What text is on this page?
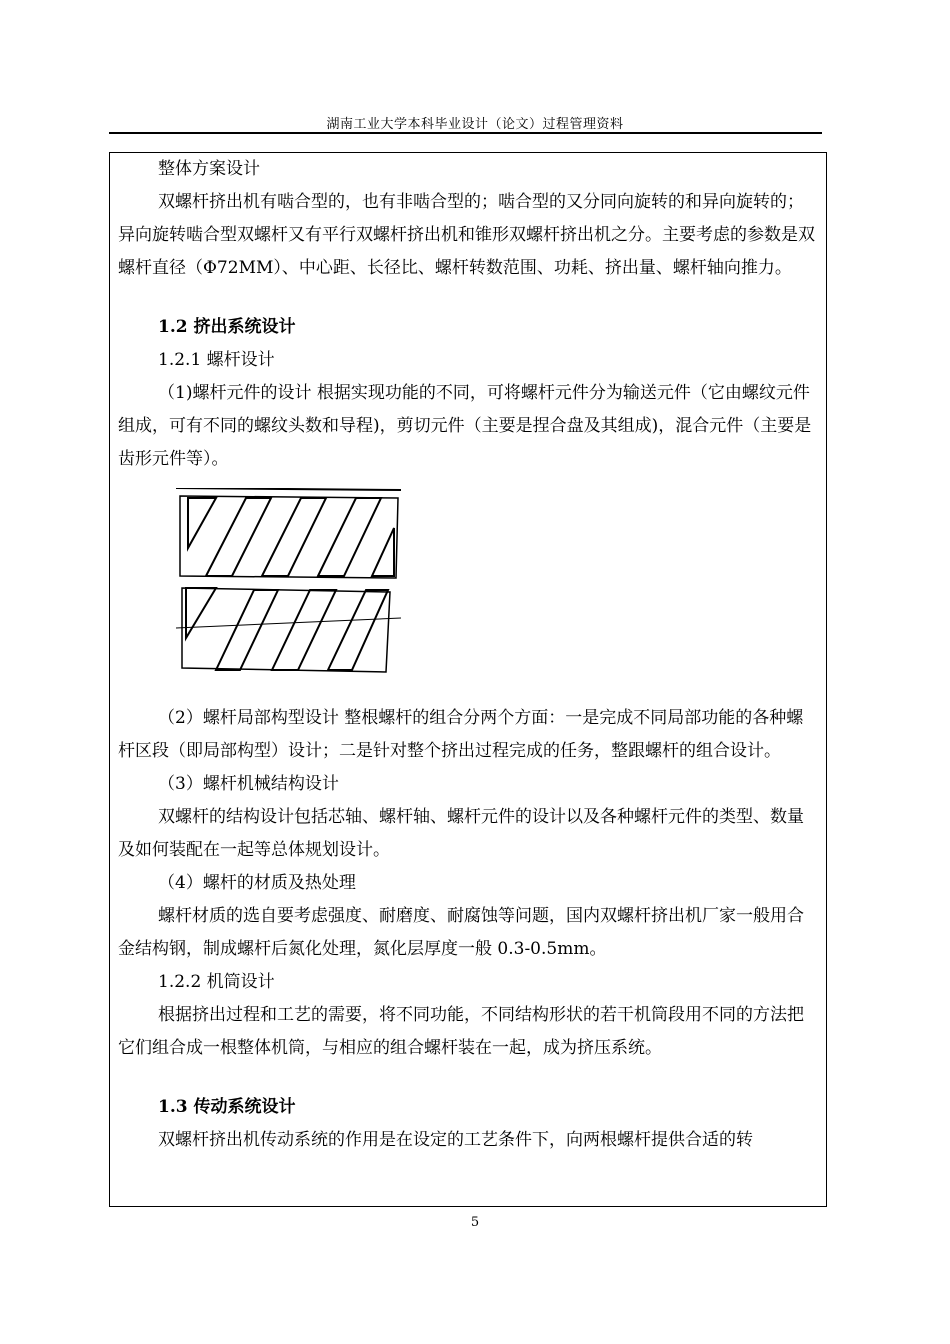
湖南工业大学本科毕业设计（论文）过程管理资料

整体方案设计

双螺杆挤出机有啮合型的，也有非啮合型的；啮合型的又分同向旋转的和异向旋转的；异向旋转啮合型双螺杆又有平行双螺杆挤出机和锥形双螺杆挤出机之分。主要考虑的参数是双螺杆直径（Φ72MM）、中心距、长径比、螺杆转数范围、功耗、挤出量、螺杆轴向推力。

1.2 挤出系统设计

1.2.1 螺杆设计

（1)螺杆元件的设计 根据实现功能的不同，可将螺杆元件分为输送元件（它由螺纹元件组成，可有不同的螺纹头数和导程)，剪切元件（主要是捏合盘及其组成)，混合元件（主要是齿形元件等）。

（2）螺杆局部构型设计 整根螺杆的组合分两个方面：一是完成不同局部功能的各种螺杆区段（即局部构型）设计；二是针对整个挤出过程完成的任务，整跟螺杆的组合设计。

（3）螺杆机械结构设计

双螺杆的结构设计包括芯轴、螺杆轴、螺杆元件的设计以及各种螺杆元件的类型、数量及如何装配在一起等总体规划设计。

（4）螺杆的材质及热处理

螺杆材质的选自要考虑强度、耐磨度、耐腐蚀等问题，国内双螺杆挤出机厂家一般用合金结构钢，制成螺杆后氮化处理，氮化层厚度一般 0.3-0.5mm。

1.2.2 机筒设计

根据挤出过程和工艺的需要，将不同功能，不同结构形状的若干机筒段用不同的方法把它们组合成一根整体机筒，与相应的组合螺杆装在一起，成为挤压系统。

1.3 传动系统设计

双螺杆挤出机传动系统的作用是在设定的工艺条件下，向两根螺杆提供合适的转

5
